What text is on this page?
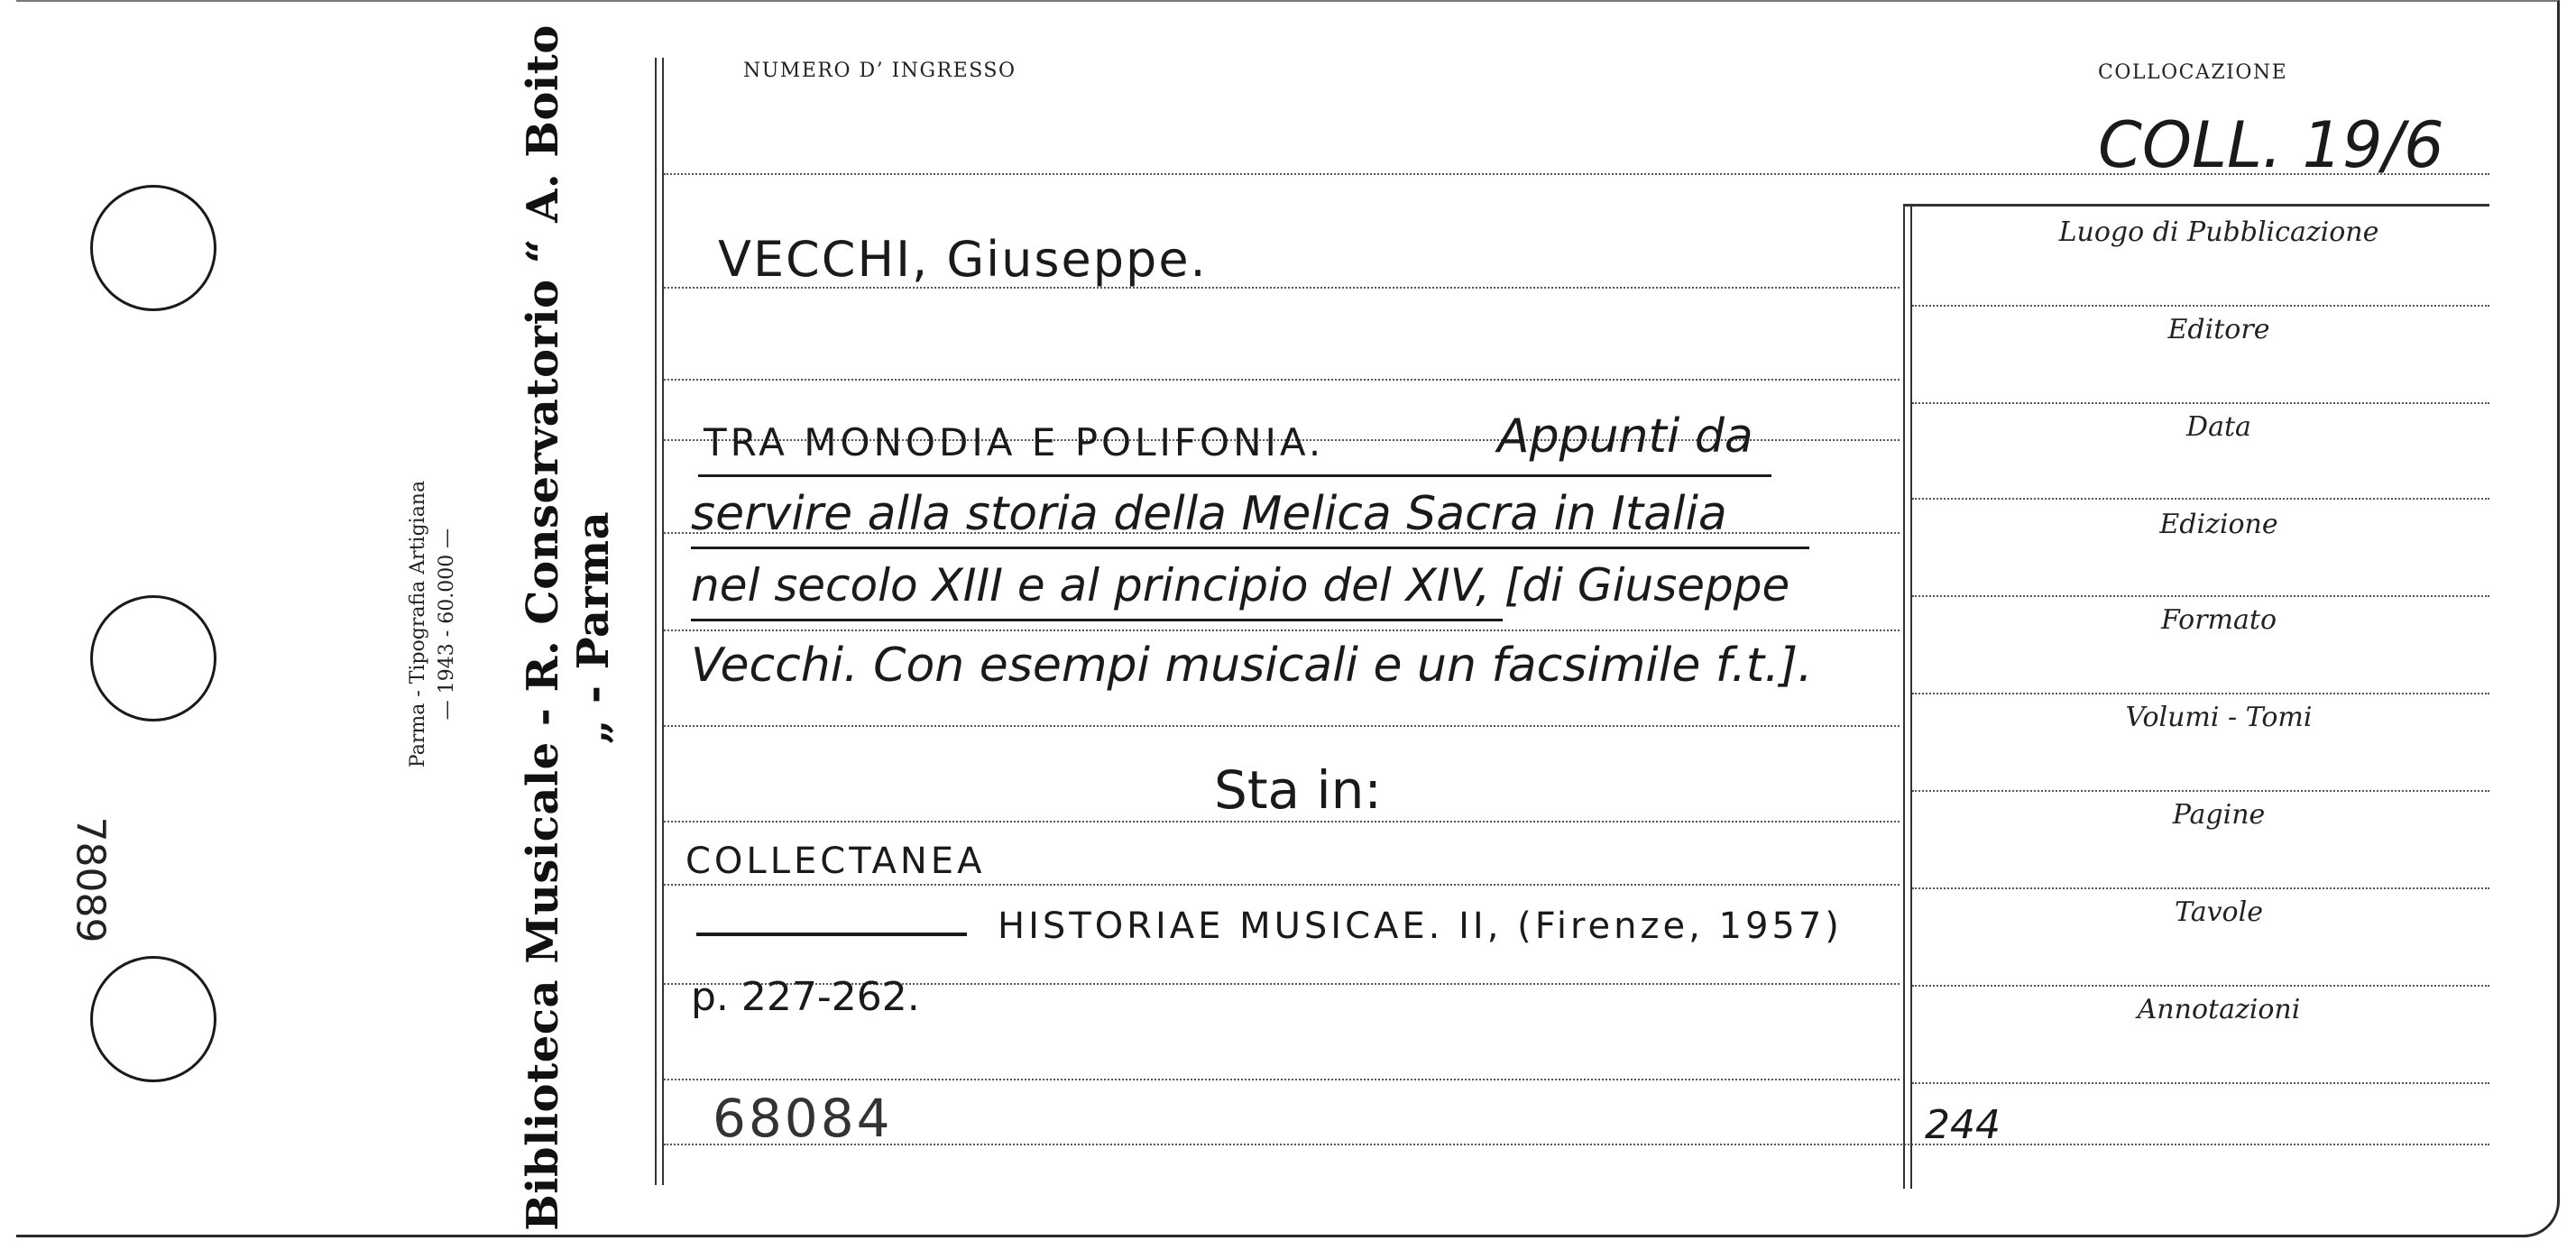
78089
Parma - Tipografia Artigiana — 1943 - 60.000 — Biblioteca Musicale - R. Conservatorio “ A. Boito „ - Parma
NUMERO D’ INGRESSO	COLLOCAZIONE
COLL. 19/6
Luogo di Pubblicazione
Editore
Data
Edizione
Formato
Volumi - Tomi
Pagine
Tavole
Annotazioni
244
VECCHI, Giuseppe.
TRA MONODIA E POLIFONIA.	Appunti da
servire alla storia della Melica Sacra in Italia
nel secolo XIII e al principio del XIV, [di Giuseppe
Vecchi. Con esempi musicali e un facsimile f.t.].
Sta in:
COLLECTANEA
HISTORIAE MUSICAE. II, (Firenze, 1957)
p. 227-262.
68084
